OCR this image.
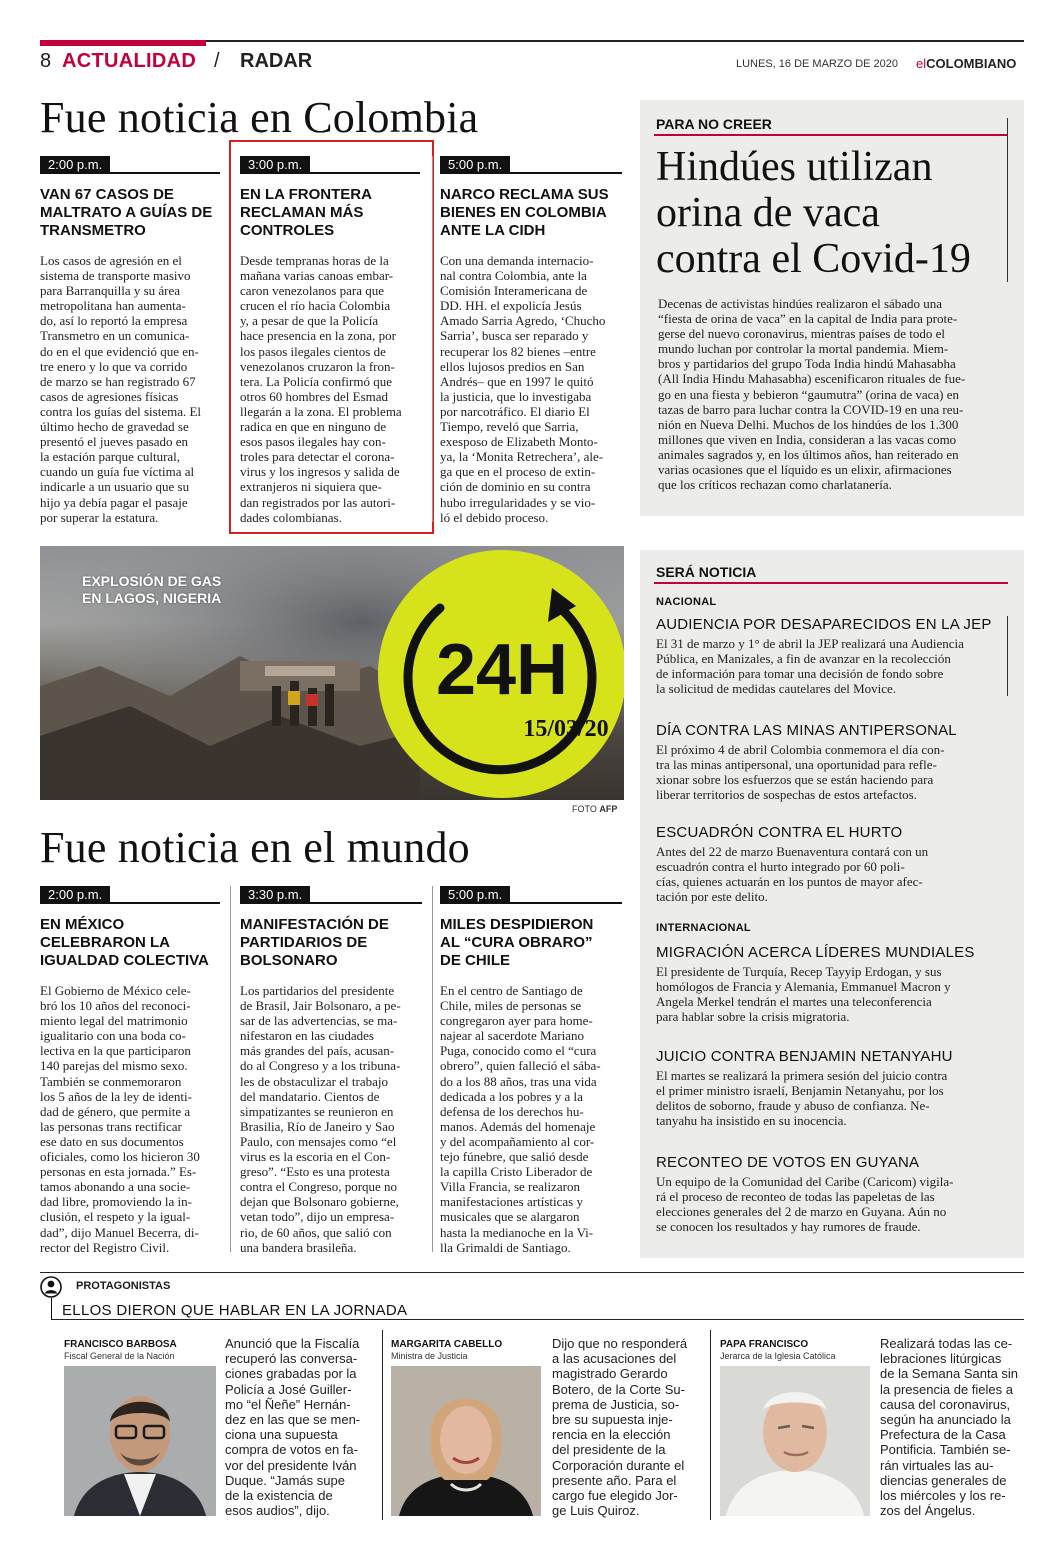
8 ACTUALIDAD / RADAR	LUNES, 16 DE MARZO DE 2020 elCOLOMBIANO
Fue noticia en Colombia
2:00 p.m.
VAN 67 CASOS DE
MALTRATO A GUÍAS DE
TRANSMETRO
Los casos de agresión en el
sistema de transporte masivo
para Barranquilla y su área
metropolitana han aumenta-
do, así lo reportó la empresa
Transmetro en un comunica-
do en el que evidenció que en-
tre enero y lo que va corrido
de marzo se han registrado 67
casos de agresiones físicas
contra los guías del sistema. El
último hecho de gravedad se
presentó el jueves pasado en
la estación parque cultural,
cuando un guía fue víctima al
indicarle a un usuario que su
hijo ya debía pagar el pasaje
por superar la estatura.
3:00 p.m.
EN LA FRONTERA
RECLAMAN MÁS
CONTROLES
Desde tempranas horas de la
mañana varias canoas embar-
caron venezolanos para que
crucen el río hacia Colombia
y, a pesar de que la Policía
hace presencia en la zona, por
los pasos ilegales cientos de
venezolanos cruzaron la fron-
tera. La Policía confirmó que
otros 60 hombres del Esmad
llegarán a la zona. El problema
radica en que en ninguno de
esos pasos ilegales hay con-
troles para detectar el corona-
virus y los ingresos y salida de
extranjeros ni siquiera que-
dan registrados por las autori-
dades colombianas.
5:00 p.m.
NARCO RECLAMA SUS
BIENES EN COLOMBIA
ANTE LA CIDH
Con una demanda internacio-
nal contra Colombia, ante la
Comisión Interamericana de
DD. HH. el expolicía Jesús
Amado Sarria Agredo, ‘Chucho
Sarria’, busca ser reparado y
recuperar los 82 bienes –entre
ellos lujosos predios en San
Andrés– que en 1997 le quitó
la justicia, que lo investigaba
por narcotráfico. El diario El
Tiempo, reveló que Sarria,
exesposo de Elizabeth Monto-
ya, la ‘Monita Retrechera’, ale-
ga que en el proceso de extin-
ción de dominio en su contra
hubo irregularidades y se vio-
ló el debido proceso.
PARA NO CREER
Hindúes utilizan
orina de vaca
contra el Covid-19
Decenas de activistas hindúes realizaron el sábado una
“fiesta de orina de vaca” en la capital de India para prote-
gerse del nuevo coronavirus, mientras países de todo el
mundo luchan por controlar la mortal pandemia. Miem-
bros y partidarios del grupo Toda India hindú Mahasabha
(All India Hindu Mahasabha) escenificaron rituales de fue-
go en una fiesta y bebieron “gaumutra” (orina de vaca) en
tazas de barro para luchar contra la COVID-19 en una reu-
nión en Nueva Delhi. Muchos de los hindúes de los 1.300
millones que viven en India, consideran a las vacas como
animales sagrados y, en los últimos años, han reiterado en
varias ocasiones que el líquido es un elixir, afirmaciones
que los críticos rechazan como charlatanería.
EXPLOSIÓN DE GAS
EN LAGOS, NIGERIA
24H
15/03/20
FOTO AFP
SERÁ NOTICIA
NACIONAL
AUDIENCIA POR DESAPARECIDOS EN LA JEP
El 31 de marzo y 1° de abril la JEP realizará una Audiencia
Pública, en Manizales, a fin de avanzar en la recolección
de información para tomar una decisión de fondo sobre
la solicitud de medidas cautelares del Movice.
DÍA CONTRA LAS MINAS ANTIPERSONAL
El próximo 4 de abril Colombia conmemora el día con-
tra las minas antipersonal, una oportunidad para refle-
xionar sobre los esfuerzos que se están haciendo para
liberar territorios de sospechas de estos artefactos.
ESCUADRÓN CONTRA EL HURTO
Antes del 22 de marzo Buenaventura contará con un
escuadrón contra el hurto integrado por 60 poli-
cías, quienes actuarán en los puntos de mayor afec-
tación por este delito.
INTERNACIONAL
MIGRACIÓN ACERCA LÍDERES MUNDIALES
El presidente de Turquía, Recep Tayyip Erdogan, y sus
homólogos de Francia y Alemania, Emmanuel Macron y
Angela Merkel tendrán el martes una teleconferencia
para hablar sobre la crisis migratoria.
JUICIO CONTRA BENJAMIN NETANYAHU
El martes se realizará la primera sesión del juicio contra
el primer ministro israelí, Benjamin Netanyahu, por los
delitos de soborno, fraude y abuso de confianza. Ne-
tanyahu ha insistido en su inocencia.
RECONTEO DE VOTOS EN GUYANA
Un equipo de la Comunidad del Caribe (Caricom) vigila-
rá el proceso de reconteo de todas las papeletas de las
elecciones generales del 2 de marzo en Guyana. Aún no
se conocen los resultados y hay rumores de fraude.
Fue noticia en el mundo
2:00 p.m.
EN MÉXICO
CELEBRARON LA
IGUALDAD COLECTIVA
El Gobierno de México cele-
bró los 10 años del reconoci-
miento legal del matrimonio
igualitario con una boda co-
lectiva en la que participaron
140 parejas del mismo sexo.
También se conmemoraron
los 5 años de la ley de identi-
dad de género, que permite a
las personas trans rectificar
ese dato en sus documentos
oficiales, como los hicieron 30
personas en esta jornada.” Es-
tamos abonando a una socie-
dad libre, promoviendo la in-
clusión, el respeto y la igual-
dad”, dijo Manuel Becerra, di-
rector del Registro Civil.
3:30 p.m.
MANIFESTACIÓN DE
PARTIDARIOS DE
BOLSONARO
Los partidarios del presidente
de Brasil, Jair Bolsonaro, a pe-
sar de las advertencias, se ma-
nifestaron en las ciudades
más grandes del país, acusan-
do al Congreso y a los tribuna-
les de obstaculizar el trabajo
del mandatario. Cientos de
simpatizantes se reunieron en
Brasilia, Río de Janeiro y Sao
Paulo, con mensajes como “el
virus es la escoria en el Con-
greso”. “Esto es una protesta
contra el Congreso, porque no
dejan que Bolsonaro gobierne,
vetan todo”, dijo un empresa-
rio, de 60 años, que salió con
una bandera brasileña.
5:00 p.m.
MILES DESPIDIERON
AL “CURA OBRARO”
DE CHILE
En el centro de Santiago de
Chile, miles de personas se
congregaron ayer para home-
najear al sacerdote Mariano
Puga, conocido como el “cura
obrero”, quien falleció el sába-
do a los 88 años, tras una vida
dedicada a los pobres y a la
defensa de los derechos hu-
manos. Además del homenaje
y del acompañamiento al cor-
tejo fúnebre, que salió desde
la capilla Cristo Liberador de
Villa Francia, se realizaron
manifestaciones artísticas y
musicales que se alargaron
hasta la medianoche en la Vi-
lla Grimaldi de Santiago.
PROTAGONISTAS
ELLOS DIERON QUE HABLAR EN LA JORNADA
FRANCISCO BARBOSA
Fiscal General de la Nación
Anunció que la Fiscalía
recuperó las conversa-
ciones grabadas por la
Policía a José Guiller-
mo “el Ñeñe” Hernán-
dez en las que se men-
ciona una supuesta
compra de votos en fa-
vor del presidente Iván
Duque. “Jamás supe
de la existencia de
esos audios”, dijo.
MARGARITA CABELLO
Ministra de Justicia
Dijo que no responderá
a las acusaciones del
magistrado Gerardo
Botero, de la Corte Su-
prema de Justicia, so-
bre su supuesta inje-
rencia en la elección
del presidente de la
Corporación durante el
presente año. Para el
cargo fue elegido Jor-
ge Luis Quiroz.
PAPA FRANCISCO
Jerarca de la Iglesia Católica
Realizará todas las ce-
lebraciones litúrgicas
de la Semana Santa sin
la presencia de fieles a
causa del coronavirus,
según ha anunciado la
Prefectura de la Casa
Pontificia. También se-
rán virtuales las au-
diencias generales de
los miércoles y los re-
zos del Ángelus.
